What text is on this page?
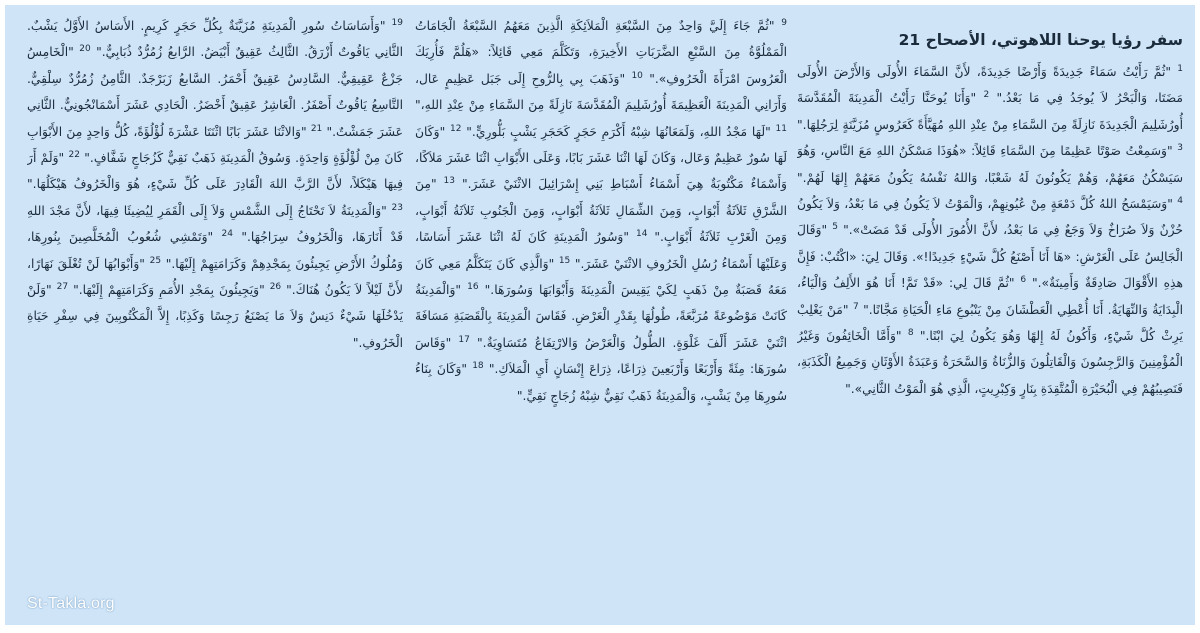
سفر رؤيا يوحنا اللاهوتي، الأصحاح 21
$^1$ "ثُمَّ رَأَيْتُ سَمَاءً جَدِيدَةً وَأَرْضًا جَدِيدَةً، لأَنَّ السَّمَاءَ الأُولَى وَالأَرْضَ الأُولَى مَضَتَا، وَالْبَحْرُ لاَ يُوجَدُ فِي مَا بَعْدُ." $^2$ "وَأَنَا يُوحَنَّا رَأَيْتُ الْمَدِينَةَ الْمُقَدَّسَةَ أُورُشَلِيمَ الْجَدِيدَةَ نَازِلَةً مِنَ السَّمَاءِ مِنْ عِنْدِ اللهِ مُهَيَّأَةً كَعَرُوسٍ مُزَيَّنَةٍ لِرَجُلِهَا." $^3$ "وَسَمِعْتُ صَوْتًا عَظِيمًا مِنَ السَّمَاءِ قَائِلاً: «هُوَذَا مَسْكَنُ اللهِ مَعَ النَّاسِ، وَهُوَ سَيَسْكُنُ مَعَهُمْ، وَهُمْ يَكُونُونَ لَهُ شَعْبًا، وَاللهُ نَفْسُهُ يَكُونُ مَعَهُمْ إِلهًا لَهُمْ." $^4$ "وَسَيَمْسَحُ اللهُ كُلَّ دَمْعَةٍ مِنْ عُيُونِهِمْ، وَالْمَوْتُ لاَ يَكُونُ فِي مَا بَعْدُ، وَلاَ يَكُونُ حُزْنٌ وَلاَ صُرَاخٌ وَلاَ وَجَعٌ فِي مَا بَعْدُ، لأَنَّ الأُمُورَ الأُولَى قَدْ مَضَتْ»." $^5$ "وَقَالَ الْجَالِسُ عَلَى الْعَرْشِ: «هَا أَنَا أَصْنَعُ كُلَّ شَيْءٍ جَدِيدًا!». وَقَالَ لِيَ: «اكْتُبْ: فَإِنَّ هذِهِ الأَقْوَالَ صَادِقَةٌ وَأَمِينَةٌ»." $^6$ "ثُمَّ قَالَ لِي: «قَدْ تَمَّ! أَنَا هُوَ الأَلِفُ وَالْيَاءُ، الْبِدَايَةُ وَالنِّهَايَةُ. أَنَا أُعْطِي الْعَطْشَانَ مِنْ يَنْبُوعِ مَاءِ الْحَيَاةِ مَجَّانًا." $^7$ "مَنْ يَغْلِبْ يَرِثْ كُلَّ شَيْءٍ، وَأَكُونُ لَهُ إِلهًا وَهُوَ يَكُونُ لِيَ ابْنًا." $^8$ "وَأَمَّا الْخَائِفُونَ وَغَيْرُ الْمُؤْمِنِينَ وَالرَّجِسُونَ وَالْقَاتِلُونَ وَالزُّنَاةُ وَالسَّحَرَةُ وَعَبَدَةُ الأَوْثَانِ وَجَمِيعُ الْكَذَبَةِ، فَنَصِيبُهُمْ فِي الْبُحَيْرَةِ الْمُتَّقِدَةِ بِنَارٍ وَكِبْرِيتٍ، الَّذِي هُوَ الْمَوْتُ الثَّانِي»."
$^9$ "ثُمَّ جَاءَ إِلَيَّ وَاحِدٌ مِنَ السَّبْعَةِ الْمَلاَئِكَةِ الَّذِينَ مَعَهُمُ السَّبْعَةُ الْجَامَاتُ الْمَمْلُوَّةُ مِنَ السَّبْعِ الضَّرَبَاتِ الأَخِيرَةِ، وَتَكَلَّمَ مَعِي قَائِلاً: «هَلُمَّ فَأُرِيَكَ الْعَرُوسَ امْرَأَةَ الْخَرُوفِ»." $^{10}$ "وَذَهَبَ بِي بِالرُّوحِ إِلَى جَبَل عَظِيمٍ عَال، وَأَرَانِي الْمَدِينَةَ الْعَظِيمَةَ أُورُشَلِيمَ الْمُقَدَّسَةَ نَازِلَةً مِنَ السَّمَاءِ مِنْ عِنْدِ اللهِ،" $^{11}$ "لَهَا مَجْدُ اللهِ، وَلَمَعَانُهَا شِبْهُ أَكْرَمِ حَجَرٍ كَحَجَرِ يَشْبٍ بَلُّورِيٍّ." $^{12}$ "وَكَانَ لَهَا سُورٌ عَظِيمٌ وَعَال، وَكَانَ لَهَا اثْنَا عَشَرَ بَابًا، وَعَلَى الأَبْوَابِ اثْنَا عَشَرَ مَلاَكًا، وَأَسْمَاءٌ مَكْتُوبَةٌ هِيَ أَسْمَاءُ أَسْبَاطِ بَنِي إِسْرَائِيلَ الاثْنَيْ عَشَرَ." $^{13}$ "مِنَ الشَّرْقِ ثَلاَثَةُ أَبْوَابٍ، وَمِنَ الشِّمَالِ ثَلاَثَةُ أَبْوَابٍ، وَمِنَ الْجَنُوبِ ثَلاَثَةُ أَبْوَابٍ، وَمِنَ الْغَرْبِ ثَلاَثَةُ أَبْوَابٍ." $^{14}$ "وَسُورُ الْمَدِينَةِ كَانَ لَهُ اثْنَا عَشَرَ أَسَاسًا، وَعَلَيْهَا أَسْمَاءُ رُسُلِ الْخَرُوفِ الاثْنَيْ عَشَرَ." $^{15}$ "وَالَّذِي كَانَ يَتَكَلَّمُ مَعِي كَانَ مَعَهُ قَصَبَةٌ مِنْ ذَهَبٍ لِكَيْ يَقِيسَ الْمَدِينَةَ وَأَبْوَابَهَا وَسُورَهَا." $^{16}$ "وَالْمَدِينَةُ كَانَتْ مَوْضُوعَةً مُرَبَّعَةً، طُولُهَا بِقَدْرِ الْعَرْضِ. فَقَاسَ الْمَدِينَةَ بِالْقَصَبَةِ مَسَافَةَ اثْنَيْ عَشَرَ أَلْفَ غَلْوَةٍ. الطُّولُ وَالْعَرْضُ وَالارْتِفَاعُ مُتَسَاوِيَةٌ." $^{17}$ "وَقَاسَ سُورَهَا: مِئَةً وَأَرْبَعًا وَأَرْبَعِينَ ذِرَاعًا، ذِرَاعَ إِنْسَانٍ أَيِ الْمَلاَكِ." $^{18}$ "وَكَانَ بِنَاءُ سُورِهَا مِنْ يَشْبٍ، وَالْمَدِينَةُ ذَهَبٌ نَقِيٌّ شِبْهُ زُجَاجٍ نَقِيٍّ."
$^{19}$ "وَأَسَاسَاتُ سُورِ الْمَدِينَةِ مُزَيَّنَةٌ بِكُلِّ حَجَرٍ كَرِيمٍ. الأَسَاسُ الأَوَّلُ يَشْبٌ. الثَّانِي يَاقُوتٌ أَزْرَقُ. الثَّالِثُ عَقِيقٌ أَبْيَضُ. الرَّابعُ زُمُرُّدٌ ذُبَابِيٌّ." $^{20}$ "الْخَامِسُ جَزْعٌ عَقِيقِيٌّ. السَّادِسُ عَقِيقٌ أَحْمَرُ. السَّابعُ زَبَرْجَدٌ. الثَّامِنُ زُمُرُّدٌ سِلْقِيٌّ. التَّاسِعُ يَاقُوتٌ أَصْفَرُ. الْعَاشِرُ عَقِيقٌ أَخْضَرُ. الْحَادِي عَشَرَ أَسْمَانْجُونِيٌّ. الثَّانِي عَشَرَ جَمَشْتٌ." $^{21}$ "وَالاثْنَا عَشَرَ بَابًا اثْنَتَا عَشْرَةَ لُؤْلُؤَةً، كُلُّ وَاحِدٍ مِنَ الأَبْوَابِ كَانَ مِنْ لُؤْلُؤَةٍ وَاحِدَةٍ. وَسُوقُ الْمَدِينَةِ ذَهَبٌ نَقِيٌّ كَزُجَاجٍ شَفَّافٍ." $^{22}$ "وَلَمْ أَرَ فِيهَا هَيْكَلاً، لأَنَّ الرَّبَّ اللهَ الْقَادِرَ عَلَى كُلِّ شَيْءٍ، هُوَ وَالْخَرُوفُ هَيْكَلُهَا." $^{23}$ "وَالْمَدِينَةُ لاَ تَحْتَاجُ إِلَى الشَّمْسِ وَلاَ إِلَى الْقَمَرِ لِيُضِيئَا فِيهَا، لأَنَّ مَجْدَ اللهِ قَدْ أَنَارَهَا، وَالْخَرُوفُ سِرَاجُهَا." $^{24}$ "وَتَمْشِي شُعُوبُ الْمُخَلَّصِينَ بِنُورِهَا، وَمُلُوكُ الأَرْضِ يَجِيئُونَ بِمَجْدِهِمْ وَكَرَامَتِهِمْ إِلَيْهَا." $^{25}$ "وَأَبْوَابُهَا لَنْ تُغْلَقَ نَهَارًا، لأَنَّ لَيْلاً لاَ يَكُونُ هُنَاكَ." $^{26}$ "وَيَجِيئُونَ بِمَجْدِ الأُمَمِ وَكَرَامَتِهِمْ إِلَيْهَا." $^{27}$ "وَلَنْ يَدْخُلَهَا شَيْءٌ دَنِسٌ وَلاَ مَا يَصْنَعُ رَجِسًا وَكَذِبًا، إِلاَّ الْمَكْتُوبِينَ فِي سِفْرِ حَيَاةِ الْخَرُوفِ."
St-Takla.org
